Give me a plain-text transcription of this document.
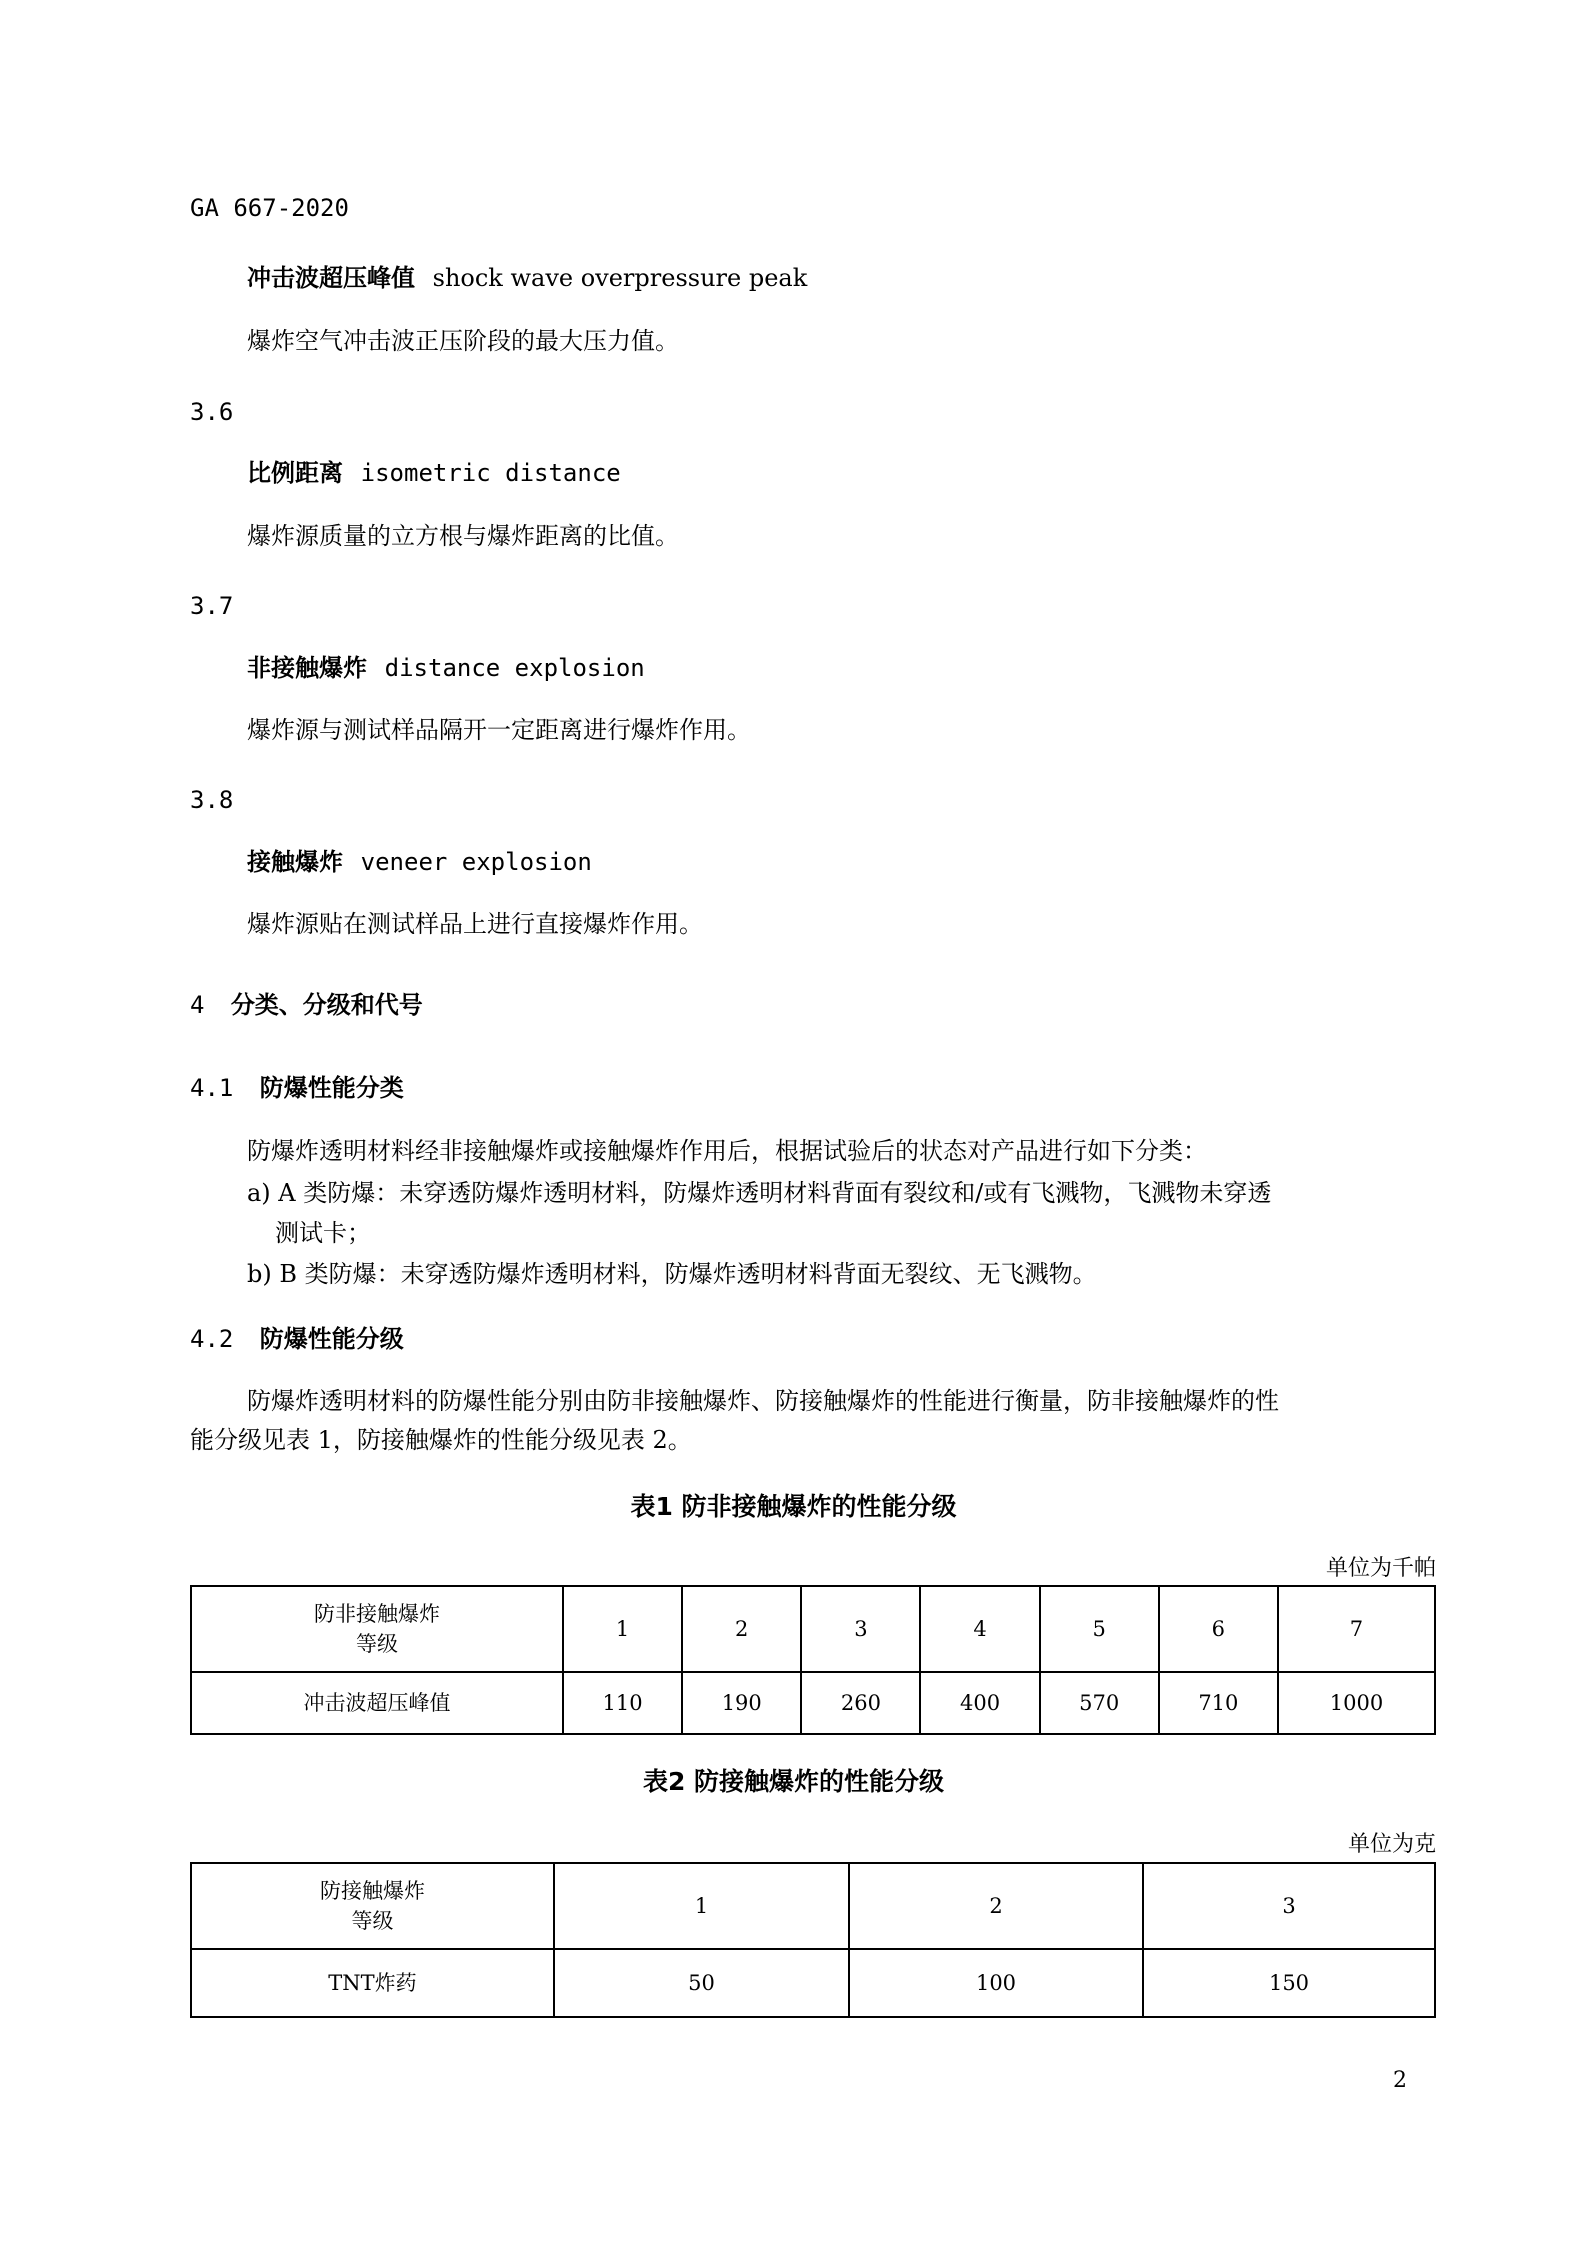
GA 667-2020
冲击波超压峰值 shock wave overpressure peak
爆炸空气冲击波正压阶段的最大压力值。
3.6
比例距离 isometric distance
爆炸源质量的立方根与爆炸距离的比值。
3.7
非接触爆炸 distance explosion
爆炸源与测试样品隔开一定距离进行爆炸作用。
3.8
接触爆炸 veneer explosion
爆炸源贴在测试样品上进行直接爆炸作用。
4 分类、分级和代号
4.1 防爆性能分类
防爆炸透明材料经非接触爆炸或接触爆炸作用后，根据试验后的状态对产品进行如下分类：
a) A 类防爆：未穿透防爆炸透明材料，防爆炸透明材料背面有裂纹和/或有飞溅物，飞溅物未穿透
测试卡；
b) B 类防爆：未穿透防爆炸透明材料，防爆炸透明材料背面无裂纹、无飞溅物。
4.2 防爆性能分级
防爆炸透明材料的防爆性能分别由防非接触爆炸、防接触爆炸的性能进行衡量，防非接触爆炸的性
能分级见表 1，防接触爆炸的性能分级见表 2。
表1 防非接触爆炸的性能分级
单位为千帕
防非接触爆炸
等级	1	2	3	4	5	6	7
冲击波超压峰值	110	190	260	400	570	710	1000
表2 防接触爆炸的性能分级
单位为克
防接触爆炸
等级	1	2	3
TNT炸药	50	100	150
2
